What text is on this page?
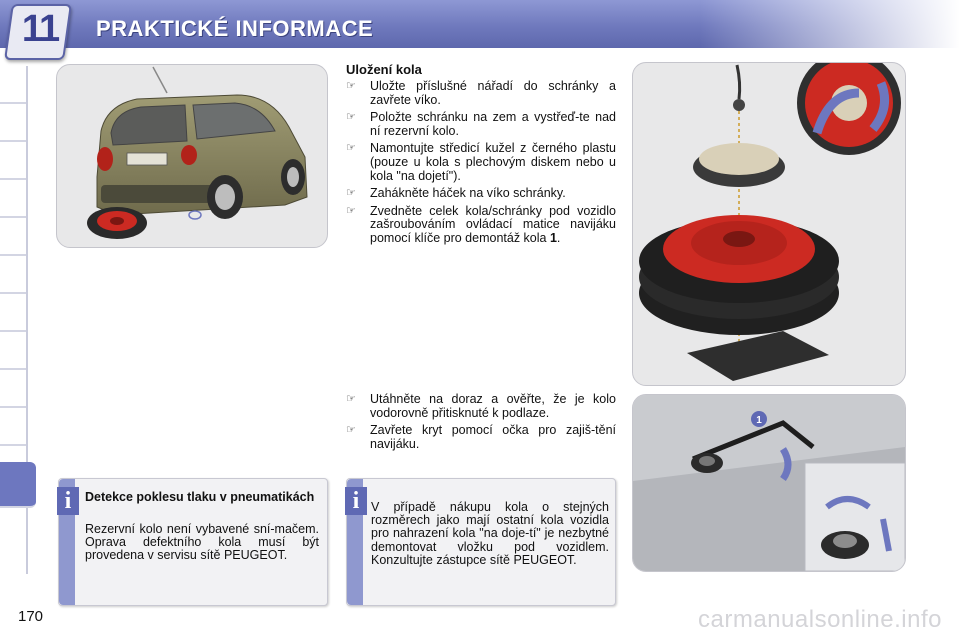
11	PRAKTICKÉ INFORMACE
1
Uložení kola
☞ Uložte příslušné nářadí do schránky a zavřete víko.
☞ Položte schránku na zem a vystřeď-te nad ní rezervní kolo.
☞ Namontujte středicí kužel z černého plastu (pouze u kola s plechovým diskem nebo u kola "na dojetí").
☞ Zahákněte háček na víko schránky.
☞ Zvedněte celek kola/schránky pod vozidlo zašroubováním ovládací matice navijáku pomocí klíče pro demontáž kola 1.
☞ Utáhněte na doraz a ověřte, že je kolo vodorovně přitisknuté k podlaze.
☞ Zavřete kryt pomocí očka pro zajiš-tění navijáku.
i	Detekce poklesu tlaku v pneumatikách
Rezervní kolo není vybavené sní-mačem. Oprava defektního kola musí být provedena v servisu sítě PEUGEOT.
i V případě nákupu kola o stejných rozměrech jako mají ostatní kola vozidla pro nahrazení kola "na doje-tí" je nezbytné demontovat vložku pod vozidlem. Konzultujte zástupce sítě PEUGEOT.
170	carmanualsonline.info
